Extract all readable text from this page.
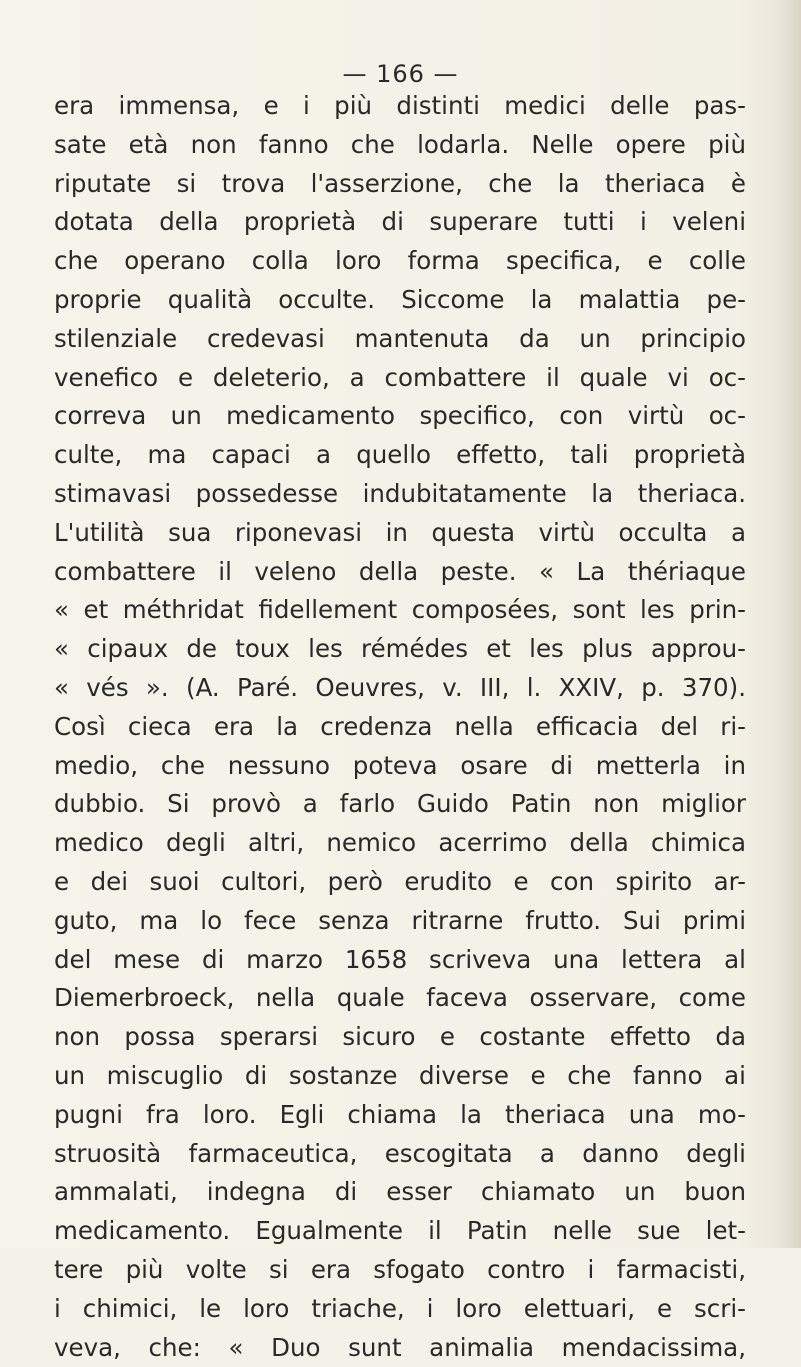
— 166 —
era immensa, e i più distinti medici delle pas-
sate età non fanno che lodarla. Nelle opere più
riputate si trova l'asserzione, che la theriaca è
dotata della proprietà di superare tutti i veleni
che operano colla loro forma specifica, e colle
proprie qualità occulte. Siccome la malattia pe-
stilenziale credevasi mantenuta da un principio
venefico e deleterio, a combattere il quale vi oc-
correva un medicamento specifico, con virtù oc-
culte, ma capaci a quello effetto, tali proprietà
stimavasi possedesse indubitatamente la theriaca.
L'utilità sua riponevasi in questa virtù occulta a
combattere il veleno della peste. « La thériaque
« et méthridat fidellement composées, sont les prin-
« cipaux de toux les rémédes et les plus approu-
« vés ». (A. Paré. Oeuvres, v. III, l. XXIV, p. 370).
Così cieca era la credenza nella efficacia del ri-
medio, che nessuno poteva osare di metterla in
dubbio. Si provò a farlo Guido Patin non miglior
medico degli altri, nemico acerrimo della chimica
e dei suoi cultori, però erudito e con spirito ar-
guto, ma lo fece senza ritrarne frutto. Sui primi
del mese di marzo 1658 scriveva una lettera al
Diemerbroeck, nella quale faceva osservare, come
non possa sperarsi sicuro e costante effetto da
un miscuglio di sostanze diverse e che fanno ai
pugni fra loro. Egli chiama la theriaca una mo-
struosità farmaceutica, escogitata a danno degli
ammalati, indegna di esser chiamato un buon
medicamento. Egualmente il Patin nelle sue let-
tere più volte si era sfogato contro i farmacisti,
i chimici, le loro triache, i loro elettuari, e scri-
veva, che: « Duo sunt animalia mendacissima,
